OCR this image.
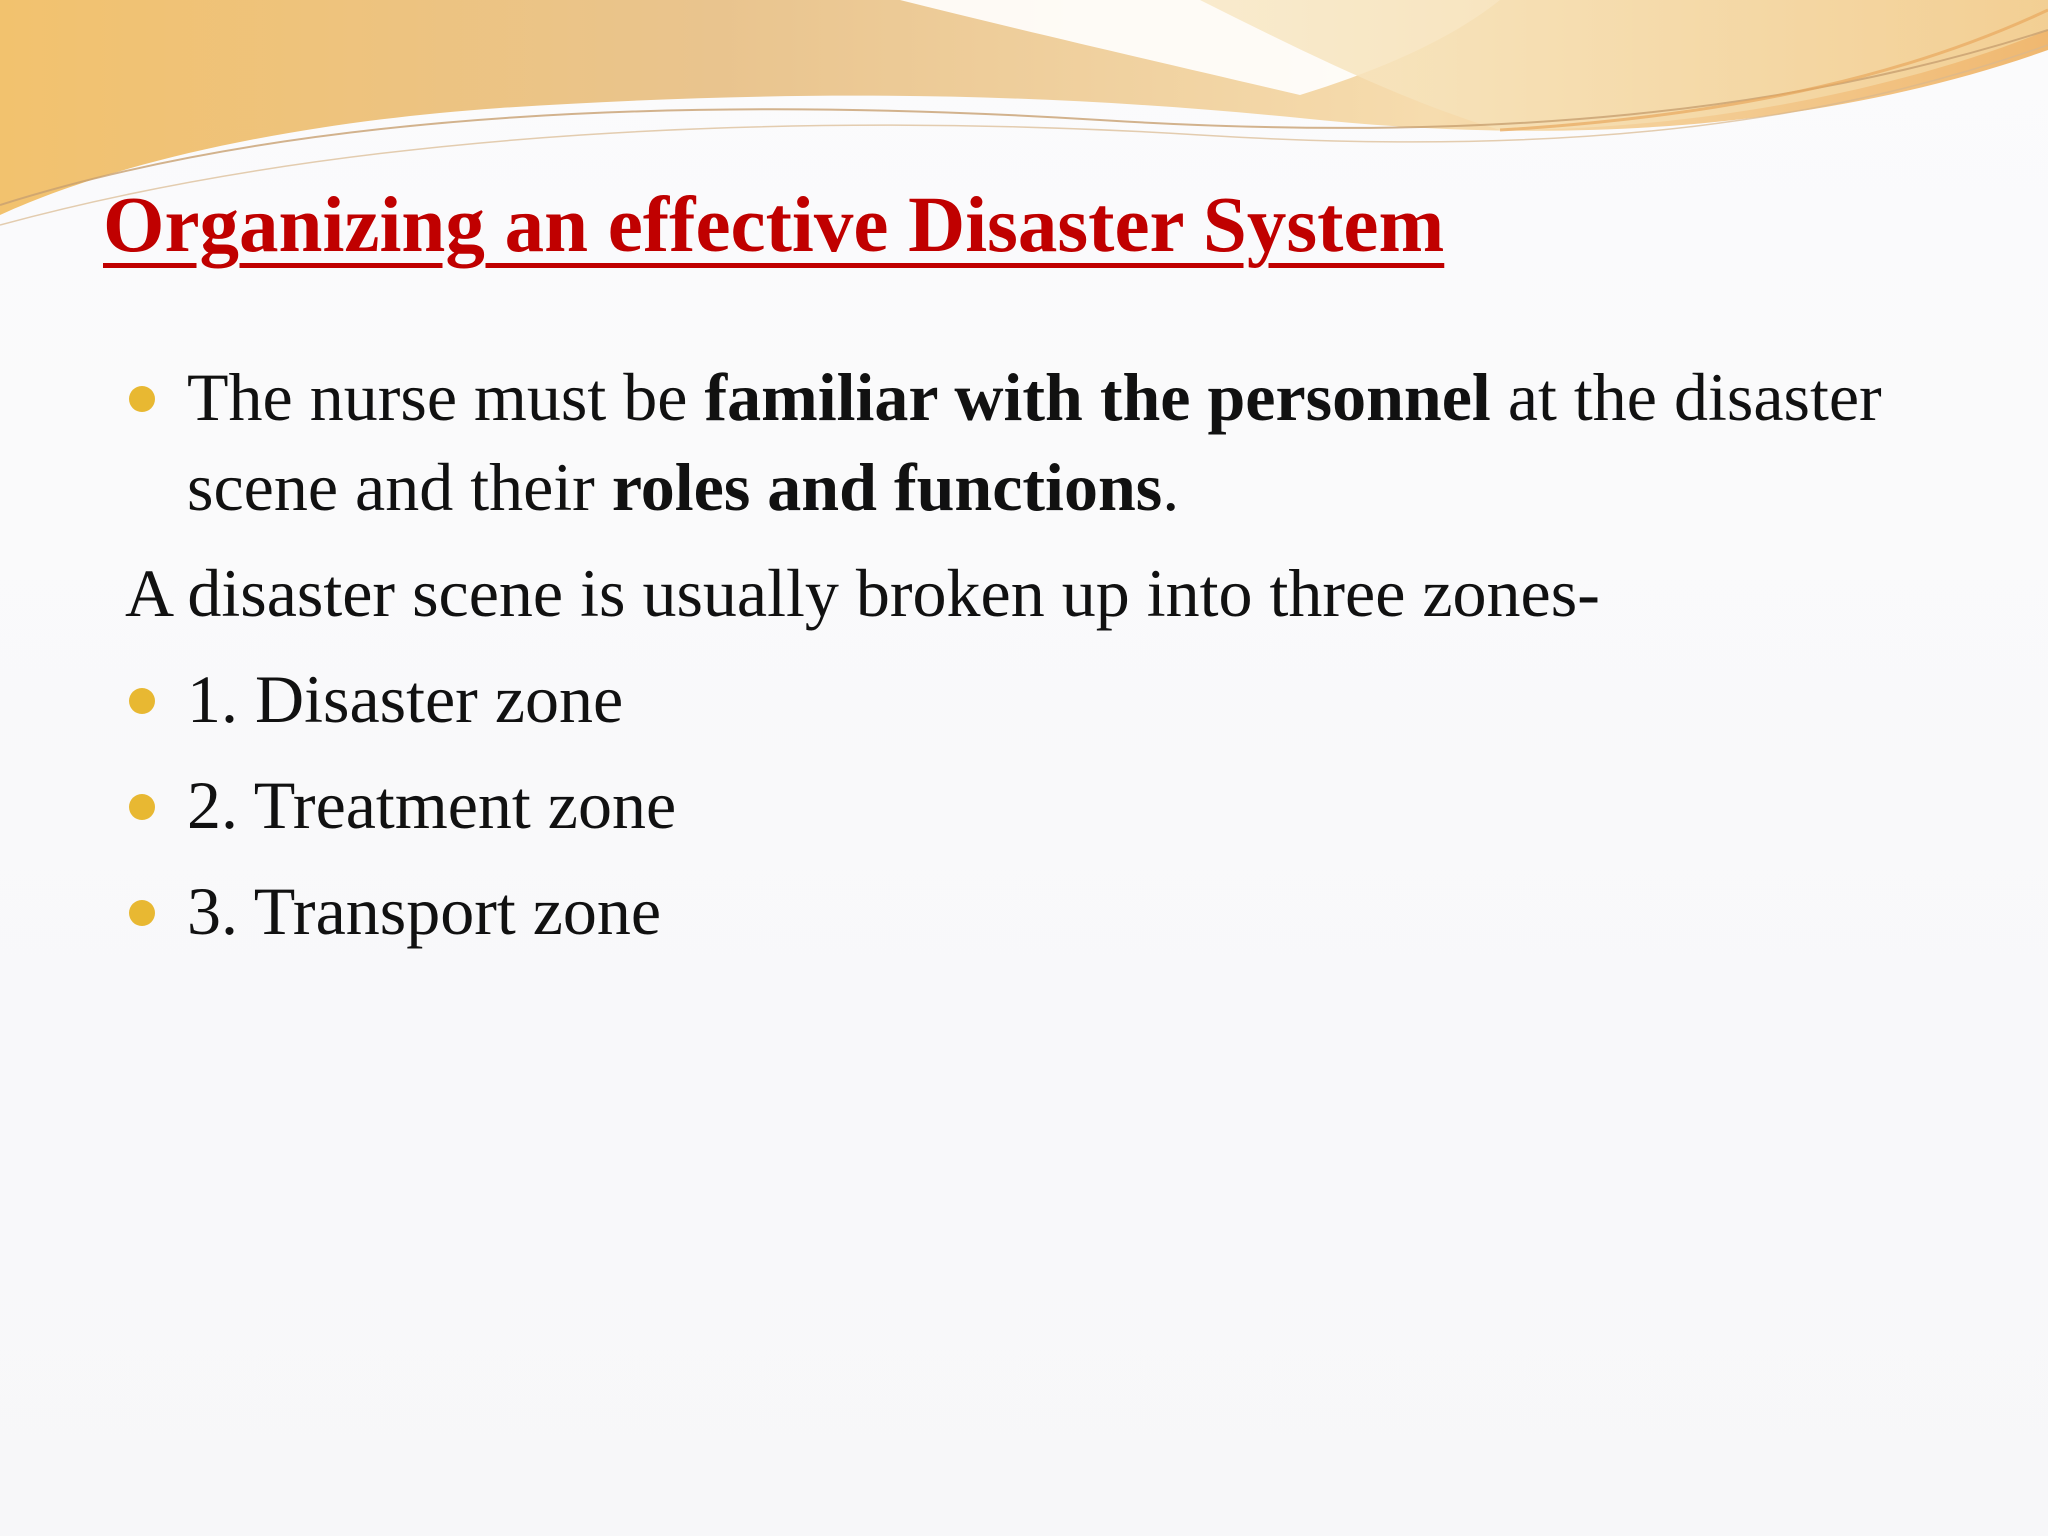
Organizing an effective Disaster System
The nurse must be familiar with the personnel at the disaster scene and their roles and functions.
A disaster scene is usually broken up into three zones-
1. Disaster zone
2. Treatment zone
3. Transport zone
